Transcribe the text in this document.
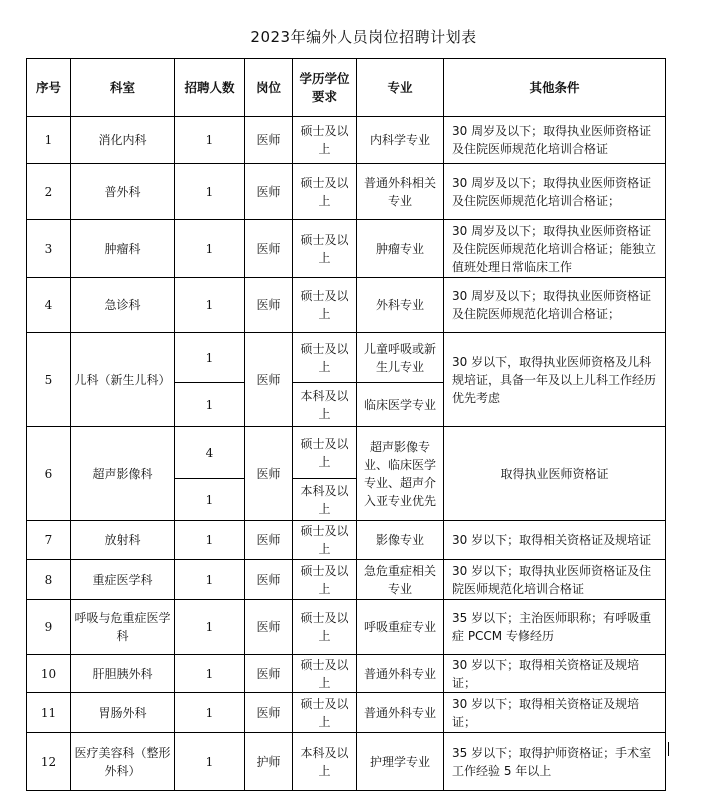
2023年编外人员岗位招聘计划表
序号	科室	招聘人数	岗位	学历学位要求	专业	其他条件
1	消化内科	1	医师	硕士及以上	内科学专业	30 周岁及以下；取得执业医师资格证及住院医师规范化培训合格证
2	普外科	1	医师	硕士及以上	普通外科相关专业	30 周岁及以下；取得执业医师资格证及住院医师规范化培训合格证；
3	肿瘤科	1	医师	硕士及以上	肿瘤专业	30 周岁及以下；取得执业医师资格证及住院医师规范化培训合格证；能独立值班处理日常临床工作
4	急诊科	1	医师	硕士及以上	外科专业	30 周岁及以下；取得执业医师资格证及住院医师规范化培训合格证；
5	儿科（新生儿科）	1	医师	硕士及以上	儿童呼吸或新生儿专业	30 岁以下，取得执业医师资格及儿科规培证，具备一年及以上儿科工作经历优先考虑
		1		本科及以上	临床医学专业	
6	超声影像科	4	医师	硕士及以上	超声影像专业、临床医学专业、超声介入亚专业优先	取得执业医师资格证
		1		本科及以上		
7	放射科	1	医师	硕士及以上	影像专业	30 岁以下；取得相关资格证及规培证
8	重症医学科	1	医师	硕士及以上	急危重症相关专业	30 岁以下；取得执业医师资格证及住院医师规范化培训合格证
9	呼吸与危重症医学科	1	医师	硕士及以上	呼吸重症专业	35 岁以下；主治医师职称；有呼吸重症 PCCM 专修经历
10	肝胆胰外科	1	医师	硕士及以上	普通外科专业	30 岁以下；取得相关资格证及规培证；
11	胃肠外科	1	医师	硕士及以上	普通外科专业	30 岁以下；取得相关资格证及规培证；
12	医疗美容科（整形外科）	1	护师	本科及以上	护理学专业	35 岁以下；取得护师资格证；手术室工作经验 5 年以上
